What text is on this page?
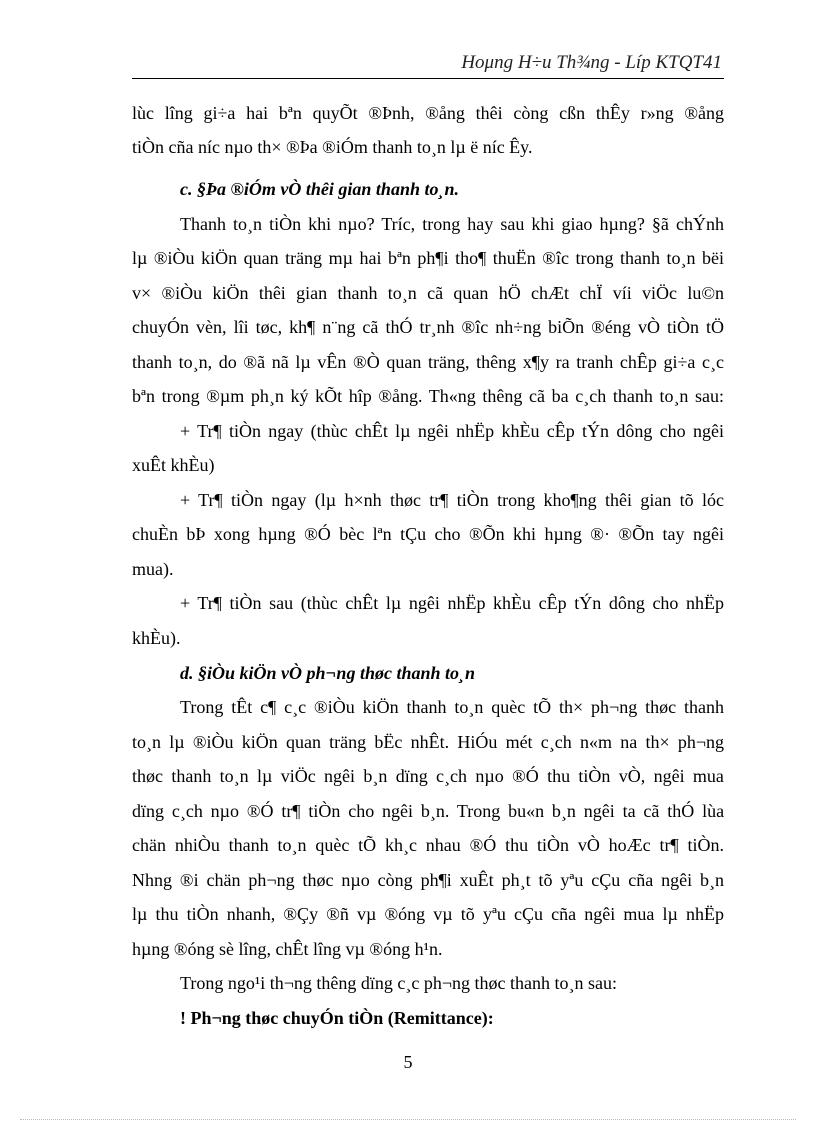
Hoμng H÷u Th¾ng - Líp KTQT41
lùc lîng gi÷a hai bªn quyÕt ®Þnh, ®ång thêi còng cßn thÊy r»ng ®ång
tiÒn cña níc nµo th× ®Þa ®iÓm thanh to¸n lµ ë níc Êy.
c. §Þa ®iÓm vÒ thêi gian thanh to¸n.
Thanh to¸n tiÒn khi nµo? Tríc, trong hay sau khi giao hµng? §ã chÝnh
lµ ®iÒu kiÖn quan träng mµ hai bªn ph¶i tho¶ thuËn ®îc trong thanh to¸n bëi
v× ®iÒu kiÖn thêi gian thanh to¸n cã quan hÖ chÆt chÏ víi viÖc lu©n
chuyÓn vèn, lîi tøc, kh¶ n¨ng cã thÓ tr¸nh ®îc nh÷ng biÕn ®éng vÒ tiÒn tÖ
thanh to¸n, do ®ã nã lµ vÊn ®Ò quan träng, thêng x¶y ra tranh chÊp gi÷a c¸c
bªn trong ®µm ph¸n ký kÕt hîp ®ång. Th«ng thêng cã ba c¸ch thanh to¸n sau:
+ Tr¶ tiÒn ngay (thùc chÊt lµ ngêi nhËp khÈu cÊp tÝn dông cho ngêi
xuÊt khÈu)
+ Tr¶ tiÒn ngay (lµ h×nh thøc tr¶ tiÒn trong kho¶ng thêi gian tõ lóc
chuÈn bÞ xong hµng ®Ó bèc lªn tÇu cho ®Õn khi hµng ®· ®Õn tay ngêi
mua).
+ Tr¶ tiÒn sau (thùc chÊt lµ ngêi nhËp khÈu cÊp tÝn dông cho nhËp
khÈu).
d. §iÒu kiÖn vÒ ph¬ng thøc thanh to¸n
Trong tÊt c¶ c¸c ®iÒu kiÖn thanh to¸n quèc tÕ th× ph¬ng thøc thanh
to¸n lµ ®iÒu kiÖn quan träng bËc nhÊt. HiÓu mét c¸ch n«m na th× ph¬ng
thøc thanh to¸n lµ viÖc ngêi b¸n dïng c¸ch nµo ®Ó thu tiÒn vÒ, ngêi mua
dïng c¸ch nµo ®Ó tr¶ tiÒn cho ngêi b¸n. Trong bu«n b¸n ngêi ta cã thÓ lùa
chän nhiÒu thanh to¸n quèc tÕ kh¸c nhau ®Ó thu tiÒn vÒ hoÆc tr¶ tiÒn.
Nhng ®i chän ph¬ng thøc nµo còng ph¶i xuÊt ph¸t tõ yªu cÇu cña ngêi b¸n
lµ thu tiÒn nhanh, ®Çy ®ñ vµ ®óng vµ tõ yªu cÇu cña ngêi mua lµ nhËp
hµng ®óng sè lîng, chÊt lîng vµ ®óng h¹n.
Trong ngo¹i th¬ng thêng dïng c¸c ph¬ng thøc thanh to¸n sau:
! Ph¬ng thøc chuyÓn tiÒn (Remittance):
5
